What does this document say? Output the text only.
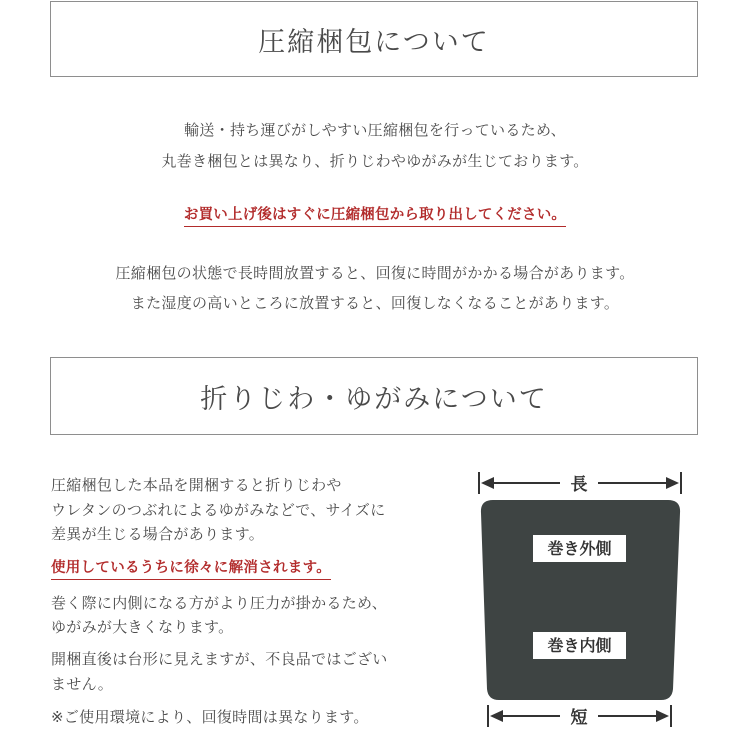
圧縮梱包について
輸送・持ち運びがしやすい圧縮梱包を行っているため、
丸巻き梱包とは異なり、折りじわやゆがみが生じております。
お買い上げ後はすぐに圧縮梱包から取り出してください。
圧縮梱包の状態で長時間放置すると、回復に時間がかかる場合があります。
また湿度の高いところに放置すると、回復しなくなることがあります。
折りじわ・ゆがみについて
圧縮梱包した本品を開梱すると折りじわや
ウレタンのつぶれによるゆがみなどで、サイズに
差異が生じる場合があります。
使用しているうちに徐々に解消されます。
巻く際に内側になる方がより圧力が掛かるため、
ゆがみが大きくなります。
開梱直後は台形に見えますが、不良品ではござい
ません。
※ご使用環境により、回復時間は異なります。
長
巻き外側
巻き内側
短
